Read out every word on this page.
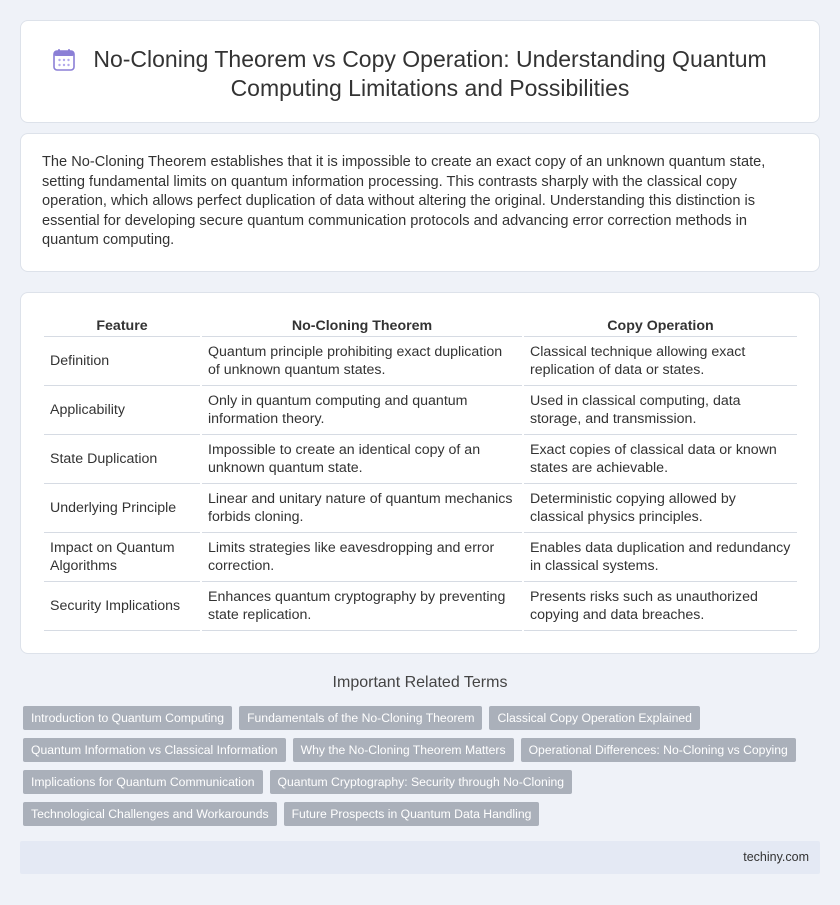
No-Cloning Theorem vs Copy Operation: Understanding Quantum Computing Limitations and Possibilities

The No-Cloning Theorem establishes that it is impossible to create an exact copy of an unknown quantum state, setting fundamental limits on quantum information processing. This contrasts sharply with the classical copy operation, which allows perfect duplication of data without altering the original. Understanding this distinction is essential for developing secure quantum communication protocols and advancing error correction methods in quantum computing.

Feature	No-Cloning Theorem	Copy Operation
Definition	Quantum principle prohibiting exact duplication of unknown quantum states.	Classical technique allowing exact replication of data or states.
Applicability	Only in quantum computing and quantum information theory.	Used in classical computing, data storage, and transmission.
State Duplication	Impossible to create an identical copy of an unknown quantum state.	Exact copies of classical data or known states are achievable.
Underlying Principle	Linear and unitary nature of quantum mechanics forbids cloning.	Deterministic copying allowed by classical physics principles.
Impact on Quantum Algorithms	Limits strategies like eavesdropping and error correction.	Enables data duplication and redundancy in classical systems.
Security Implications	Enhances quantum cryptography by preventing state replication.	Presents risks such as unauthorized copying and data breaches.
Important Related Terms
Introduction to Quantum Computing	Fundamentals of the No-Cloning Theorem	Classical Copy Operation Explained
Quantum Information vs Classical Information	Why the No-Cloning Theorem Matters	Operational Differences: No-Cloning vs Copying
Implications for Quantum Communication	Quantum Cryptography: Security through No-Cloning
Technological Challenges and Workarounds	Future Prospects in Quantum Data Handling
techiny.com
